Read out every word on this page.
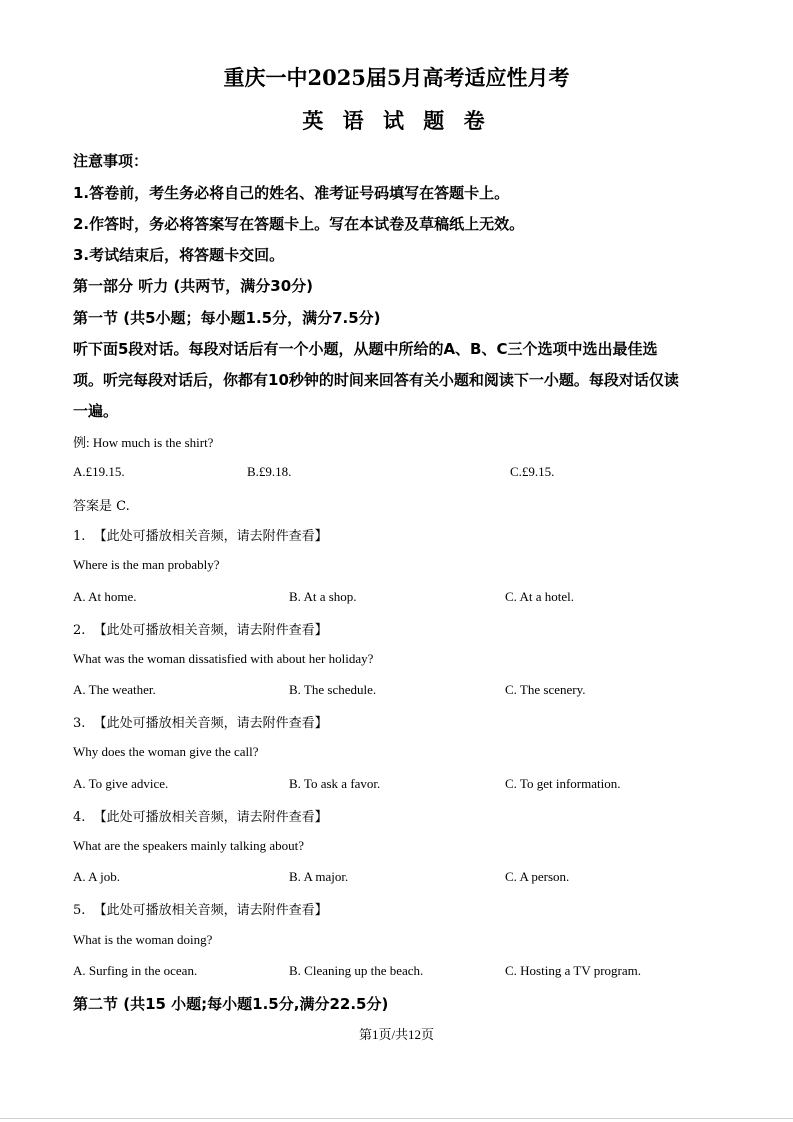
重庆一中2025届5月高考适应性月考
英 语 试 题 卷
注意事项：
1.答卷前，考生务必将自己的姓名、准考证号码填写在答题卡上。
2.作答时，务必将答案写在答题卡上。写在本试卷及草稿纸上无效。
3.考试结束后，将答题卡交回。
第一部分 听力 (共两节，满分30分)
第一节 (共5小题；每小题1.5分，满分7.5分)
听下面5段对话。每段对话后有一个小题，从题中所给的A、B、C三个选项中选出最佳选
项。听完每段对话后，你都有10秒钟的时间来回答有关小题和阅读下一小题。每段对话仅读
一遍。
例: How much is the shirt?
A.£19.15.	B.£9.18.	C.£9.15.
答案是 C.
1. 【此处可播放相关音频，请去附件查看】
Where is the man probably?
A. At home.	B. At a shop.	C. At a hotel.
2. 【此处可播放相关音频，请去附件查看】
What was the woman dissatisfied with about her holiday?
A. The weather.	B. The schedule.	C. The scenery.
3. 【此处可播放相关音频，请去附件查看】
Why does the woman give the call?
A. To give advice.	B. To ask a favor.	C. To get information.
4. 【此处可播放相关音频，请去附件查看】
What are the speakers mainly talking about?
A. A job.	B. A major.	C. A person.
5. 【此处可播放相关音频，请去附件查看】
What is the woman doing?
A. Surfing in the ocean.	B. Cleaning up the beach.	C. Hosting a TV program.
第二节 (共15 小题;每小题1.5分,满分22.5分)
第1页/共12页
